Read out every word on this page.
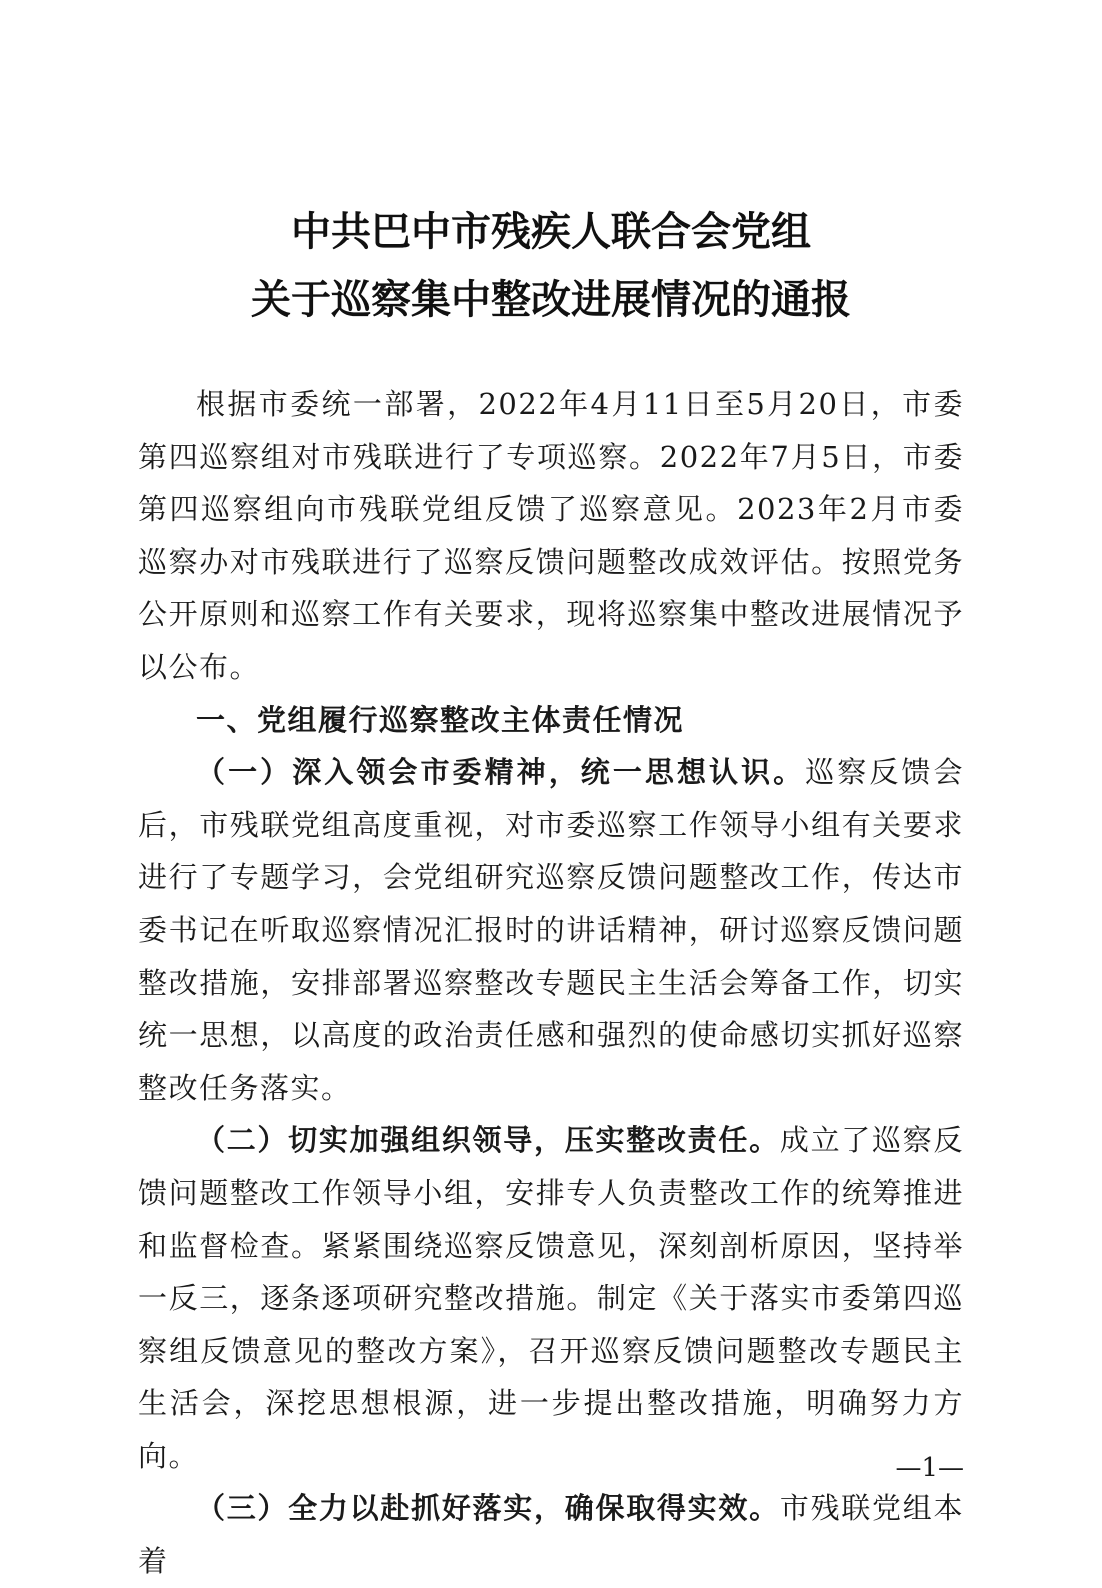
中共巴中市残疾人联合会党组
关于巡察集中整改进展情况的通报

根据市委统一部署，2022年4月11日至5月20日，市委第四巡察组对市残联进行了专项巡察。2022年7月5日，市委第四巡察组向市残联党组反馈了巡察意见。2023年2月市委巡察办对市残联进行了巡察反馈问题整改成效评估。按照党务公开原则和巡察工作有关要求，现将巡察集中整改进展情况予以公布。

一、党组履行巡察整改主体责任情况

（一）深入领会市委精神，统一思想认识。巡察反馈会后，市残联党组高度重视，对市委巡察工作领导小组有关要求进行了专题学习，会党组研究巡察反馈问题整改工作，传达市委书记在听取巡察情况汇报时的讲话精神，研讨巡察反馈问题整改措施，安排部署巡察整改专题民主生活会筹备工作，切实统一思想，以高度的政治责任感和强烈的使命感切实抓好巡察整改任务落实。

（二）切实加强组织领导，压实整改责任。成立了巡察反馈问题整改工作领导小组，安排专人负责整改工作的统筹推进和监督检查。紧紧围绕巡察反馈意见，深刻剖析原因，坚持举一反三，逐条逐项研究整改措施。制定《关于落实市委第四巡察组反馈意见的整改方案》，召开巡察反馈问题整改专题民主生活会，深挖思想根源，进一步提出整改措施，明确努力方向。

（三）全力以赴抓好落实，确保取得实效。市残联党组本着

—1—
